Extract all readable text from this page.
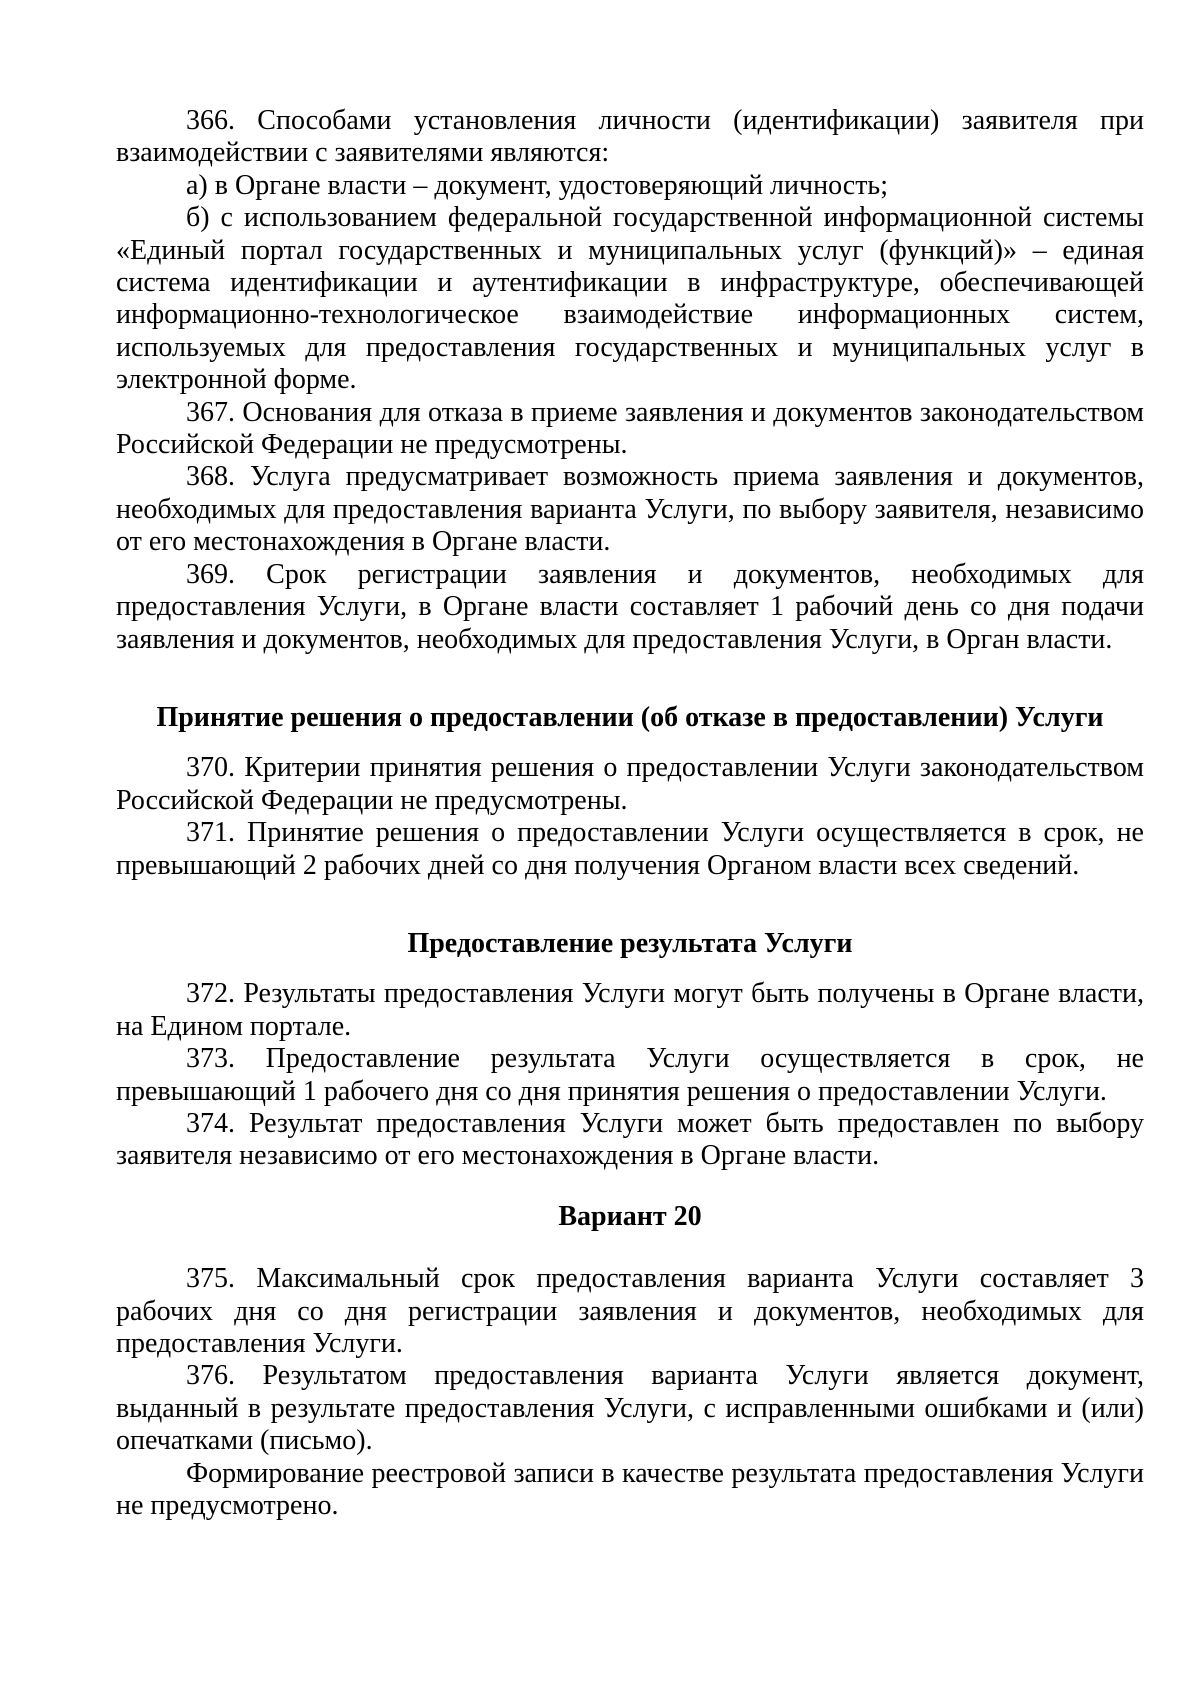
366. Способами установления личности (идентификации) заявителя при взаимодействии с заявителями являются:

а) в Органе власти – документ, удостоверяющий личность;

б) с использованием федеральной государственной информационной системы «Единый портал государственных и муниципальных услуг (функций)» – единая система идентификации и аутентификации в инфраструктуре, обеспечивающей информационно-технологическое взаимодействие информационных систем, используемых для предоставления государственных и муниципальных услуг в электронной форме.

367. Основания для отказа в приеме заявления и документов законодательством Российской Федерации не предусмотрены.

368. Услуга предусматривает возможность приема заявления и документов, необходимых для предоставления варианта Услуги, по выбору заявителя, независимо от его местонахождения в Органе власти.

369. Срок регистрации заявления и документов, необходимых для предоставления Услуги, в Органе власти составляет 1 рабочий день со дня подачи заявления и документов, необходимых для предоставления Услуги, в Орган власти.

Принятие решения о предоставлении (об отказе в предоставлении) Услуги

370. Критерии принятия решения о предоставлении Услуги законодательством Российской Федерации не предусмотрены.

371. Принятие решения о предоставлении Услуги осуществляется в срок, не превышающий 2 рабочих дней со дня получения Органом власти всех сведений.

Предоставление результата Услуги

372. Результаты предоставления Услуги могут быть получены в Органе власти, на Едином портале.

373. Предоставление результата Услуги осуществляется в срок, не превышающий 1 рабочего дня со дня принятия решения о предоставлении Услуги.

374. Результат предоставления Услуги может быть предоставлен по выбору заявителя независимо от его местонахождения в Органе власти.

Вариант 20

375. Максимальный срок предоставления варианта Услуги составляет 3 рабочих дня со дня регистрации заявления и документов, необходимых для предоставления Услуги.

376. Результатом предоставления варианта Услуги является документ, выданный в результате предоставления Услуги, с исправленными ошибками и (или) опечатками (письмо).

Формирование реестровой записи в качестве результата предоставления Услуги не предусмотрено.
